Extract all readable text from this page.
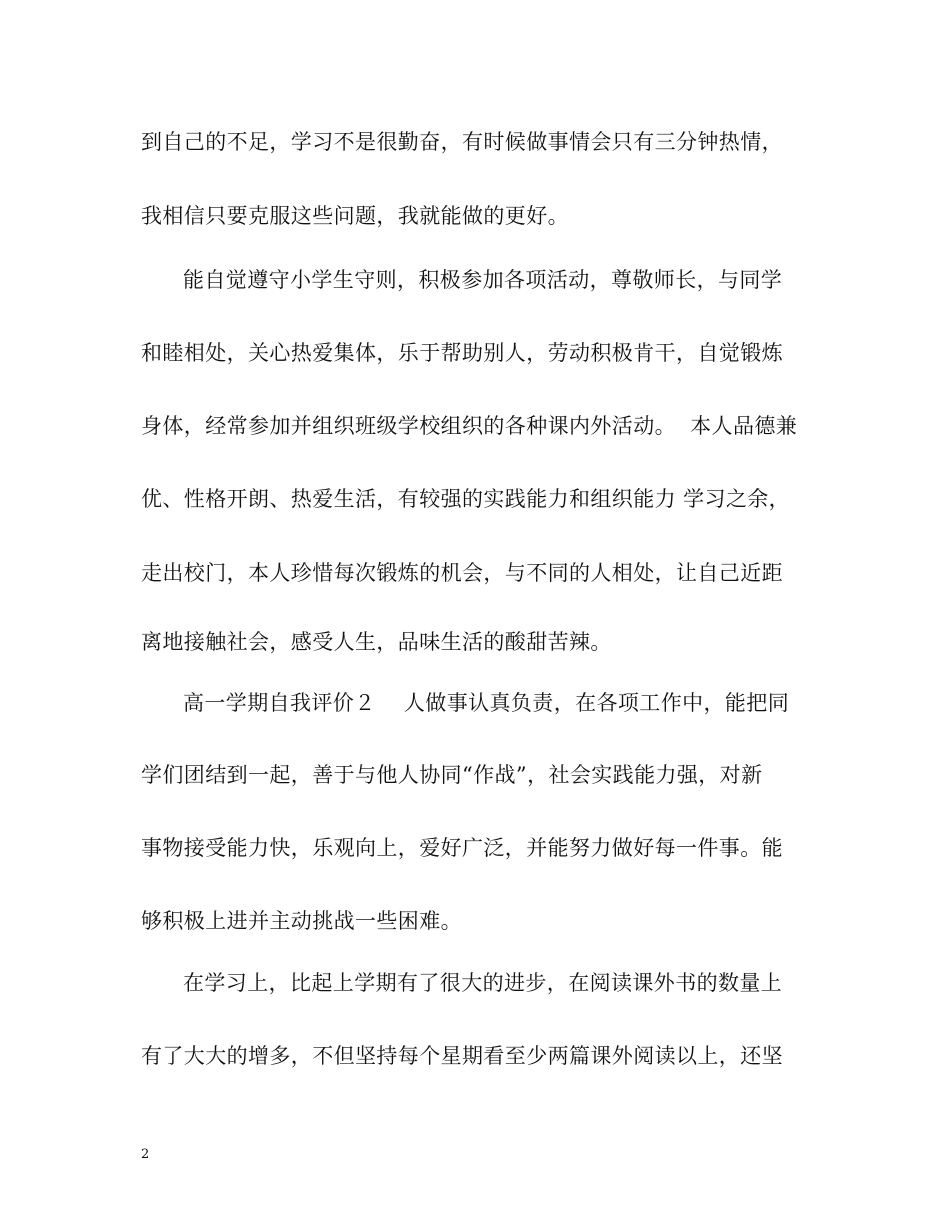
到自己的不足，学习不是很勤奋，有时候做事情会只有三分钟热情，
我相信只要克服这些问题，我就能做的更好。
能自觉遵守小学生守则，积极参加各项活动，尊敬师长，与同学
和睦相处，关心热爱集体，乐于帮助别人，劳动积极肯干，自觉锻炼
身体，经常参加并组织班级学校组织的各种课内外活动。  本人品德兼
优、性格开朗、热爱生活，有较强的实践能力和组织能力 学习之余，
走出校门，本人珍惜每次锻炼的机会，与不同的人相处，让自己近距
离地接触社会，感受人生，品味生活的酸甜苦辣。
高一学期自我评价２    人做事认真负责，在各项工作中，能把同
学们团结到一起，善于与他人协同“作战”，社会实践能力强，对新
事物接受能力快，乐观向上，爱好广泛，并能努力做好每一件事。能
够积极上进并主动挑战一些困难。
在学习上，比起上学期有了很大的进步，在阅读课外书的数量上
有了大大的增多，不但坚持每个星期看至少两篇课外阅读以上，还坚
2
